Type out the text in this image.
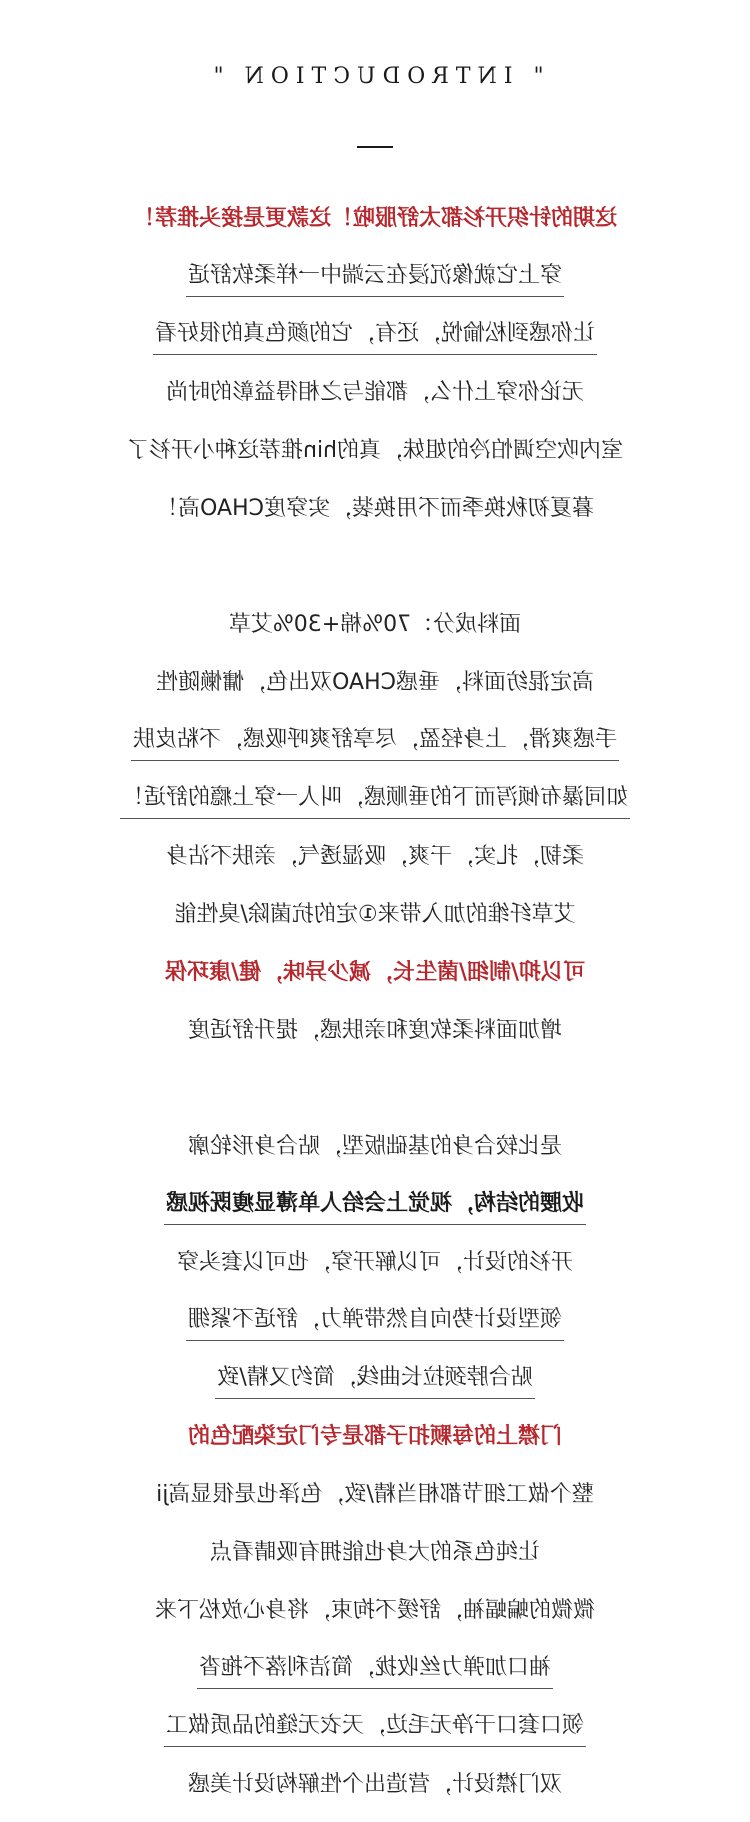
" INTRODUCTION "
这期的针织开衫都太舒服啦！这款更是接头推荐！
穿上它就像沉浸在云端中一样柔软舒适
让你感到松愉悦，还有，它的颜色真的很好看
无论你穿上什么，都能与之相得益彰的时尚
室内吹空调怕冷的姐妹，真的hin推荐这种小开衫了
暮夏初秋换季而不用换装，实穿度CHAO高！
面料成分：70%棉+30%艾草
高定混纺面料，垂感CHAO双出色，慵懒随性
手感爽滑，上身轻盈，尽享舒爽呼吸感，不粘皮肤
如同瀑布倾泻而下的垂顺感，叫人一穿上瘾的舒适！
柔韧，扎实，干爽，吸湿透气，亲肤不沾身
艾草纤维的加入带来①定的抗菌除/臭性能
可以抑/制细/菌生长，减少异味，健/康环保
增加面料柔软度和亲肤感，提升舒适度
是比较合身的基础版型，贴合身形轮廓
收腰的结构，视觉上会给人单薄显瘦既视感
开衫的设计，可以解开穿，也可以套头穿
领型设计势向自然带弹力，舒适不紧绷
贴合脖颈拉长曲线，简约又精/致
门襟上的每颗扣子都是专门定染配色的
整个做工细节都相当精/致，色泽也是很显高ji
让纯色系的大身也能拥有吸睛看点
微微的蝙蝠袖，舒缓不拘束，将身心放松下来
袖口加弹力丝收拢，简洁利落不拖沓
领口套口干净无毛边，天衣无缝的品质做工
双门襟设计，营造出个性解构设计美感
